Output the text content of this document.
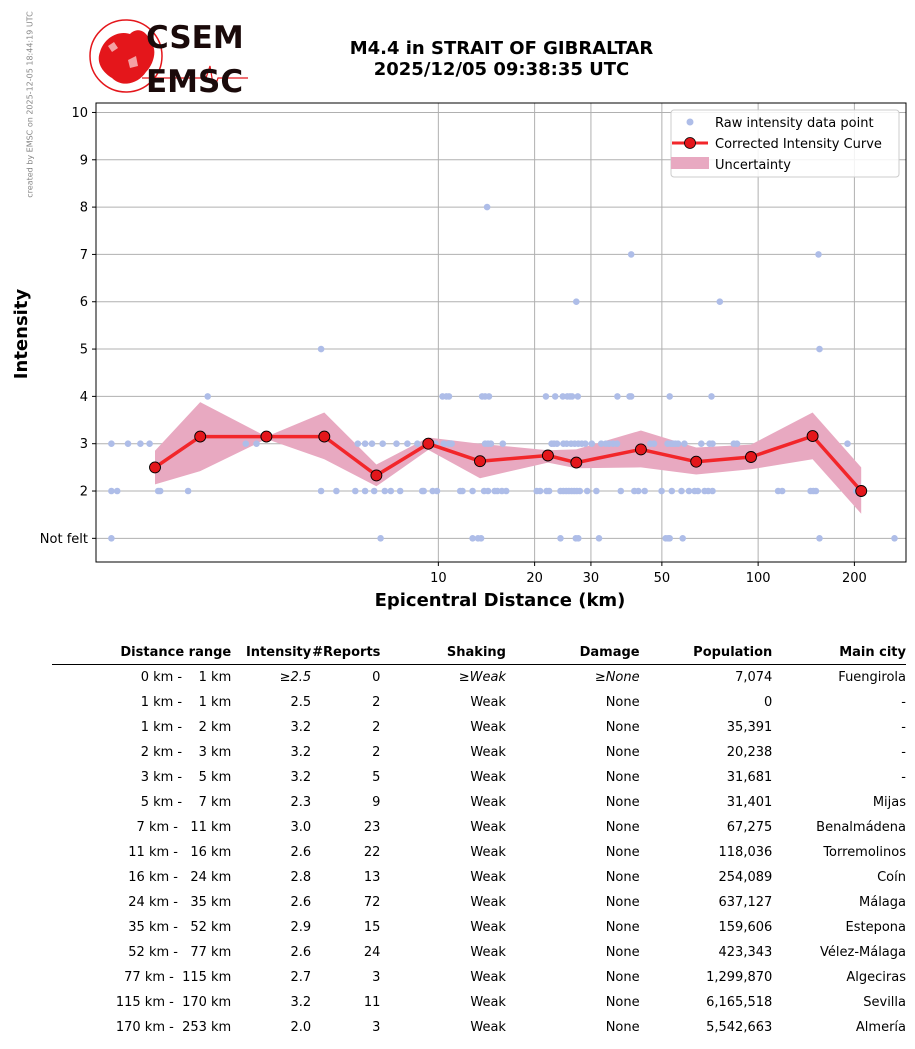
CSEM
EMSC
created by EMSC on 2025-12-05 18:44:19 UTC	M4.4 in STRAIT OF GIBRALTAR
2025/12/05 09:38:35 UTC
Not felt
2
3
4
5
6
7
8
9
10
10	20	30	50	100	200
Epicentral Distance (km)
Intensity
Raw intensity data point
Corrected Intensity Curve
Uncertainty
Distance range	Intensity	#Reports	Shaking	Damage	Population	Main city
0 km -    1 km	≥2.5	0	≥Weak	≥None	7,074	Fuengirola
1 km -    1 km	2.5	2	Weak	None	0	-
1 km -    2 km	3.2	2	Weak	None	35,391	-
2 km -    3 km	3.2	2	Weak	None	20,238	-
3 km -    5 km	3.2	5	Weak	None	31,681	-
5 km -    7 km	2.3	9	Weak	None	31,401	Mijas
7 km -   11 km	3.0	23	Weak	None	67,275	Benalmádena
11 km -   16 km	2.6	22	Weak	None	118,036	Torremolinos
16 km -   24 km	2.8	13	Weak	None	254,089	Coín
24 km -   35 km	2.6	72	Weak	None	637,127	Málaga
35 km -   52 km	2.9	15	Weak	None	159,606	Estepona
52 km -   77 km	2.6	24	Weak	None	423,343	Vélez-Málaga
77 km -  115 km	2.7	3	Weak	None	1,299,870	Algeciras
115 km -  170 km	3.2	11	Weak	None	6,165,518	Sevilla
170 km -  253 km	2.0	3	Weak	None	5,542,663	Almería
